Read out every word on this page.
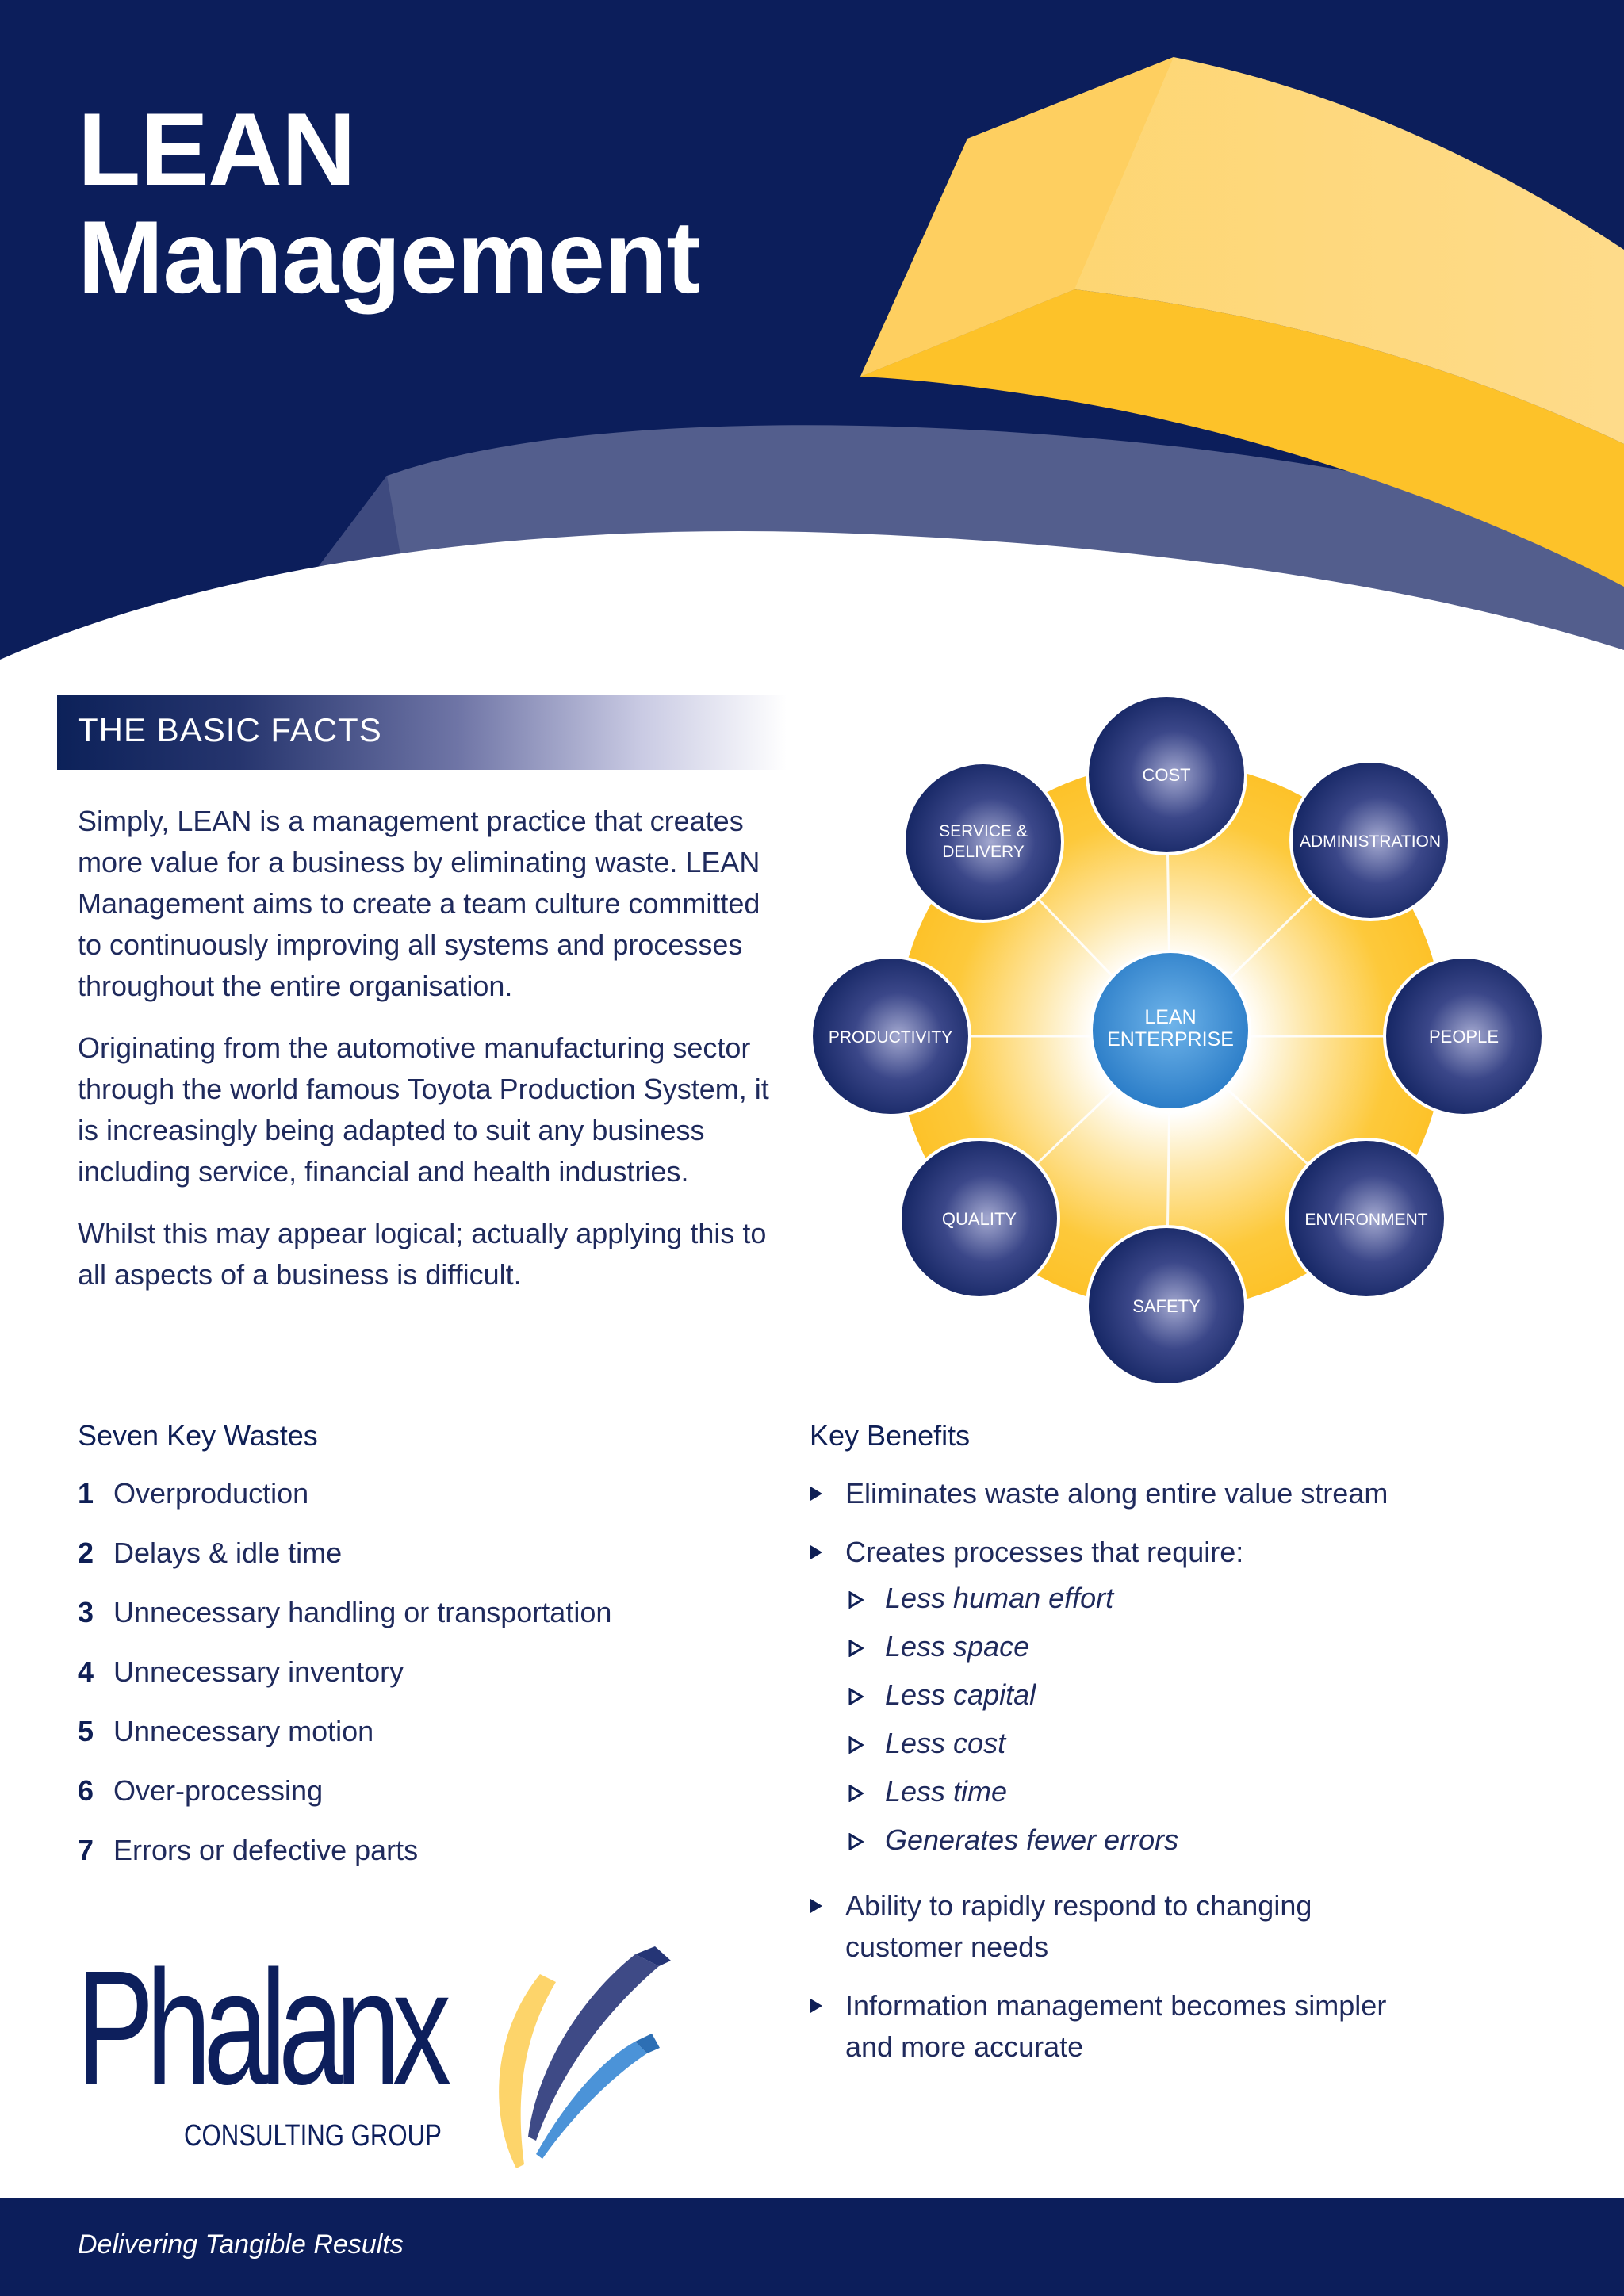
LEAN
Management
THE BASIC FACTS

Simply, LEAN is a management practice that creates more value for a business by eliminating waste. LEAN Management aims to create a team culture committed to continuously improving all systems and processes throughout the entire organisation.

Originating from the automotive manufacturing sector through the world famous Toyota Production System, it is increasingly being adapted to suit any business including service, financial and health industries.

Whilst this may appear logical; actually applying this to all aspects of a business is difficult.

COST
ADMINISTRATION
PEOPLE
ENVIRONMENT
SAFETY
QUALITY
PRODUCTIVITY
SERVICE &
DELIVERY
LEAN
ENTERPRISE
Seven Key Wastes
1 Overproduction
2 Delays & idle time
3 Unnecessary handling or transportation
4 Unnecessary inventory
5 Unnecessary motion
6 Over-processing
7 Errors or defective parts
Key Benefits
Eliminates waste along entire value stream
Creates processes that require:
Less human effort
Less space
Less capital
Less cost
Less time
Generates fewer errors
Ability to rapidly respond to changing
customer needs
Information management becomes simpler
and more accurate

Phalanx

CONSULTING GROUP

Delivering Tangible Results
